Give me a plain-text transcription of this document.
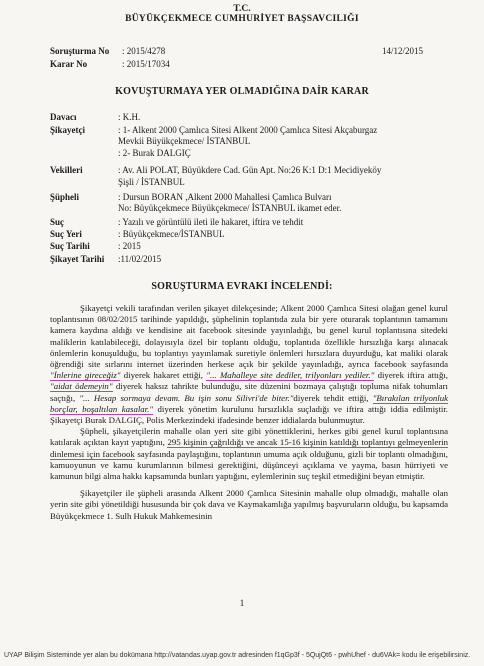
T.C.
BÜYÜKÇEKMECE CUMHURİYET BAŞSAVCILIĞI
Soruşturma No : 2015/4278	14/12/2015
Karar No	: 2015/17034
KOVUŞTURMAYA YER OLMADIĞINA DAİR KARAR
Davacı	: K.H.
Şikayetçi	: 1- Alkent 2000 Çamlıca Sitesi Alkent 2000 Çamlıca Sitesi Akçaburgaz
Mevkii Büyükçekmece/ İSTANBUL
: 2- Burak DALGIÇ
Vekilleri	: Av. Ali POLAT, Büyükdere Cad. Gün Apt. No:26 K:1 D:1 Mecidiyeköy
Şişli / İSTANBUL
Şüpheli	: Dursun BORAN ,Alkent 2000 Mahallesi Çamlıca Bulvarı
No: Büyükçekmece Büyükçekmece/ İSTANBUL ikamet eder.
Suç	: Yazılı ve görüntülü ileti ile hakaret, iftira ve tehdit
Suç Yeri	: Büyükçekmece/İSTANBUL
Suç Tarihi	: 2015
Şikayet Tarihi :11/02/2015
SORUŞTURMA EVRAKI İNCELENDİ:

Şikayetçi vekili tarafından verilen şikayet dilekçesinde; Alkent 2000 Çamlıca Sitesi olağan genel kurul toplantısının 08/02/2015 tarihinde yapıldığı, şüphelinin toplantıda zula bir yere oturarak toplantının tamamını kamera kaydına aldığı ve kendisine ait facebook sitesinde yayınladığı, bu genel kurul toplantısına sitedeki maliklerin katılabileceği, dolayısıyla özel bir toplantı olduğu, toplantıda özellikle hırsızlığa karşı alınacak önlemlerin konuşulduğu, bu toplantıyı yayınlamak suretiyle önlemleri hırsızlara duyurduğu, kat maliki olarak öğrendiği site sırlarını internet üzerinden herkese açık bir şekilde yayınladığı, ayrıca facebook sayfasında "İnlerine gireceğiz" diyerek hakaret ettiği, "... Mahalleye site dediler, trilyonları yediler." diyerek iftira attığı, "aidat ödemeyin" diyerek haksız tahrikte bulunduğu, site düzenini bozmaya çalıştığı topluma nifak tohumları saçtığı, "... Hesap sormaya devam. Bu işin sonu Silivri'de biter."diyerek tehdit ettiği, "Bırakılan trilyonluk borçlar, boşaltılan kasalar." diyerek yönetim kurulunu hırsızlıkla suçladığı ve iftira attığı iddia edilmiştir. Şikayetçi Burak DALGIÇ, Polis Merkezindeki ifadesinde benzer iddialarda bulunmuştur.

Şüpheli, şikayetçilerin mahalle olan yeri site gibi yönettiklerini, herkes gibi genel kurul toplantısına katılarak açıktan kayıt yaptığını, 295 kişinin çağrıldığı ve ancak 15-16 kişinin katıldığı toplantıyı gelmeyenlerin dinlemesi için facebook sayfasında paylaştığını, toplantının umuma açık olduğunu, gizli bir toplantı olmadığını, kamuoyunun ve kamu kurumlarının bilmesi gerektiğini, düşünceyi açıklama ve yayma, basın hürriyeti ve kamunun bilgi alma hakkı kapsamında bunları yaptığını, eylemlerinin suç teşkil etmediğini beyan etmiştir.

Şikayetçiler ile şüpheli arasında Alkent 2000 Çamlıca Sitesinin mahalle olup olmadığı, mahalle olan yerin site gibi yönetildiği hususunda bir çok dava ve Kaymakamlığa yapılmış başvuruların olduğu, bu kapsamda Büyükçekmece 1. Sulh Hukuk Mahkemesinin

1
UYAP Bilişim Sisteminde yer alan bu dokümana http://vatandas.uyap.gov.tr adresinden f1qGp3f - 5QujQt6 - pwhUhef - du6VAk= kodu ile erişebilirsiniz.
